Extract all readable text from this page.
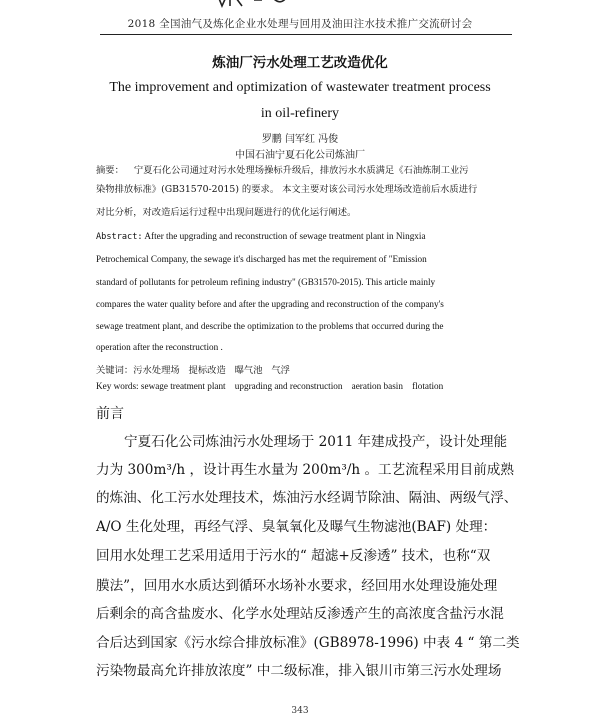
2018 全国油气及炼化企业水处理与回用及油田注水技术推广交流研讨会
炼油厂污水处理工艺改造优化
The improvement and optimization of wastewater treatment process
in oil-refinery
罗鹏 闫军红 冯俊
中国石油宁夏石化公司炼油厂
摘要： 宁夏石化公司通过对污水处理场操标升级后，排放污水水质满足《石油炼制工业污
染物排放标准》(GB31570-2015) 的要求。 本文主要对该公司污水处理场改造前后水质进行
对比分析，对改造后运行过程中出现问题进行的优化运行阐述。
Abstract: After the upgrading and reconstruction of sewage treatment plant in Ningxia
Petrochemical Company, the sewage it's discharged has met the requirement of "Emission
standard of pollutants for petroleum refining industry" (GB31570-2015). This article mainly
compares the water quality before and after the upgrading and reconstruction of the company's
sewage treatment plant, and describe the optimization to the problems that occurred during the
operation after the reconstruction .
关键词：污水处理场   提标改造   曝气池   气浮
Key words: sewage treatment plant    upgrading and reconstruction    aeration basin    flotation
前言
宁夏石化公司炼油污水处理场于 2011 年建成投产，设计处理能
力为 300m³/h ，设计再生水量为 200m³/h 。工艺流程采用目前成熟
的炼油、化工污水处理技术，炼油污水经调节除油、隔油、两级气浮、
A/O 生化处理，再经气浮、臭氧氧化及曝气生物滤池(BAF) 处理：
回用水处理工艺采用适用于污水的“ 超滤+反渗透” 技术，也称“双
膜法”，回用水水质达到循环水场补水要求，经回用水处理设施处理
后剩余的高含盐废水、化学水处理站反渗透产生的高浓度含盐污水混
合后达到国家《污水综合排放标准》(GB8978-1996) 中表 4 “ 第二类
污染物最高允许排放浓度” 中二级标准，排入银川市第三污水处理场
343
